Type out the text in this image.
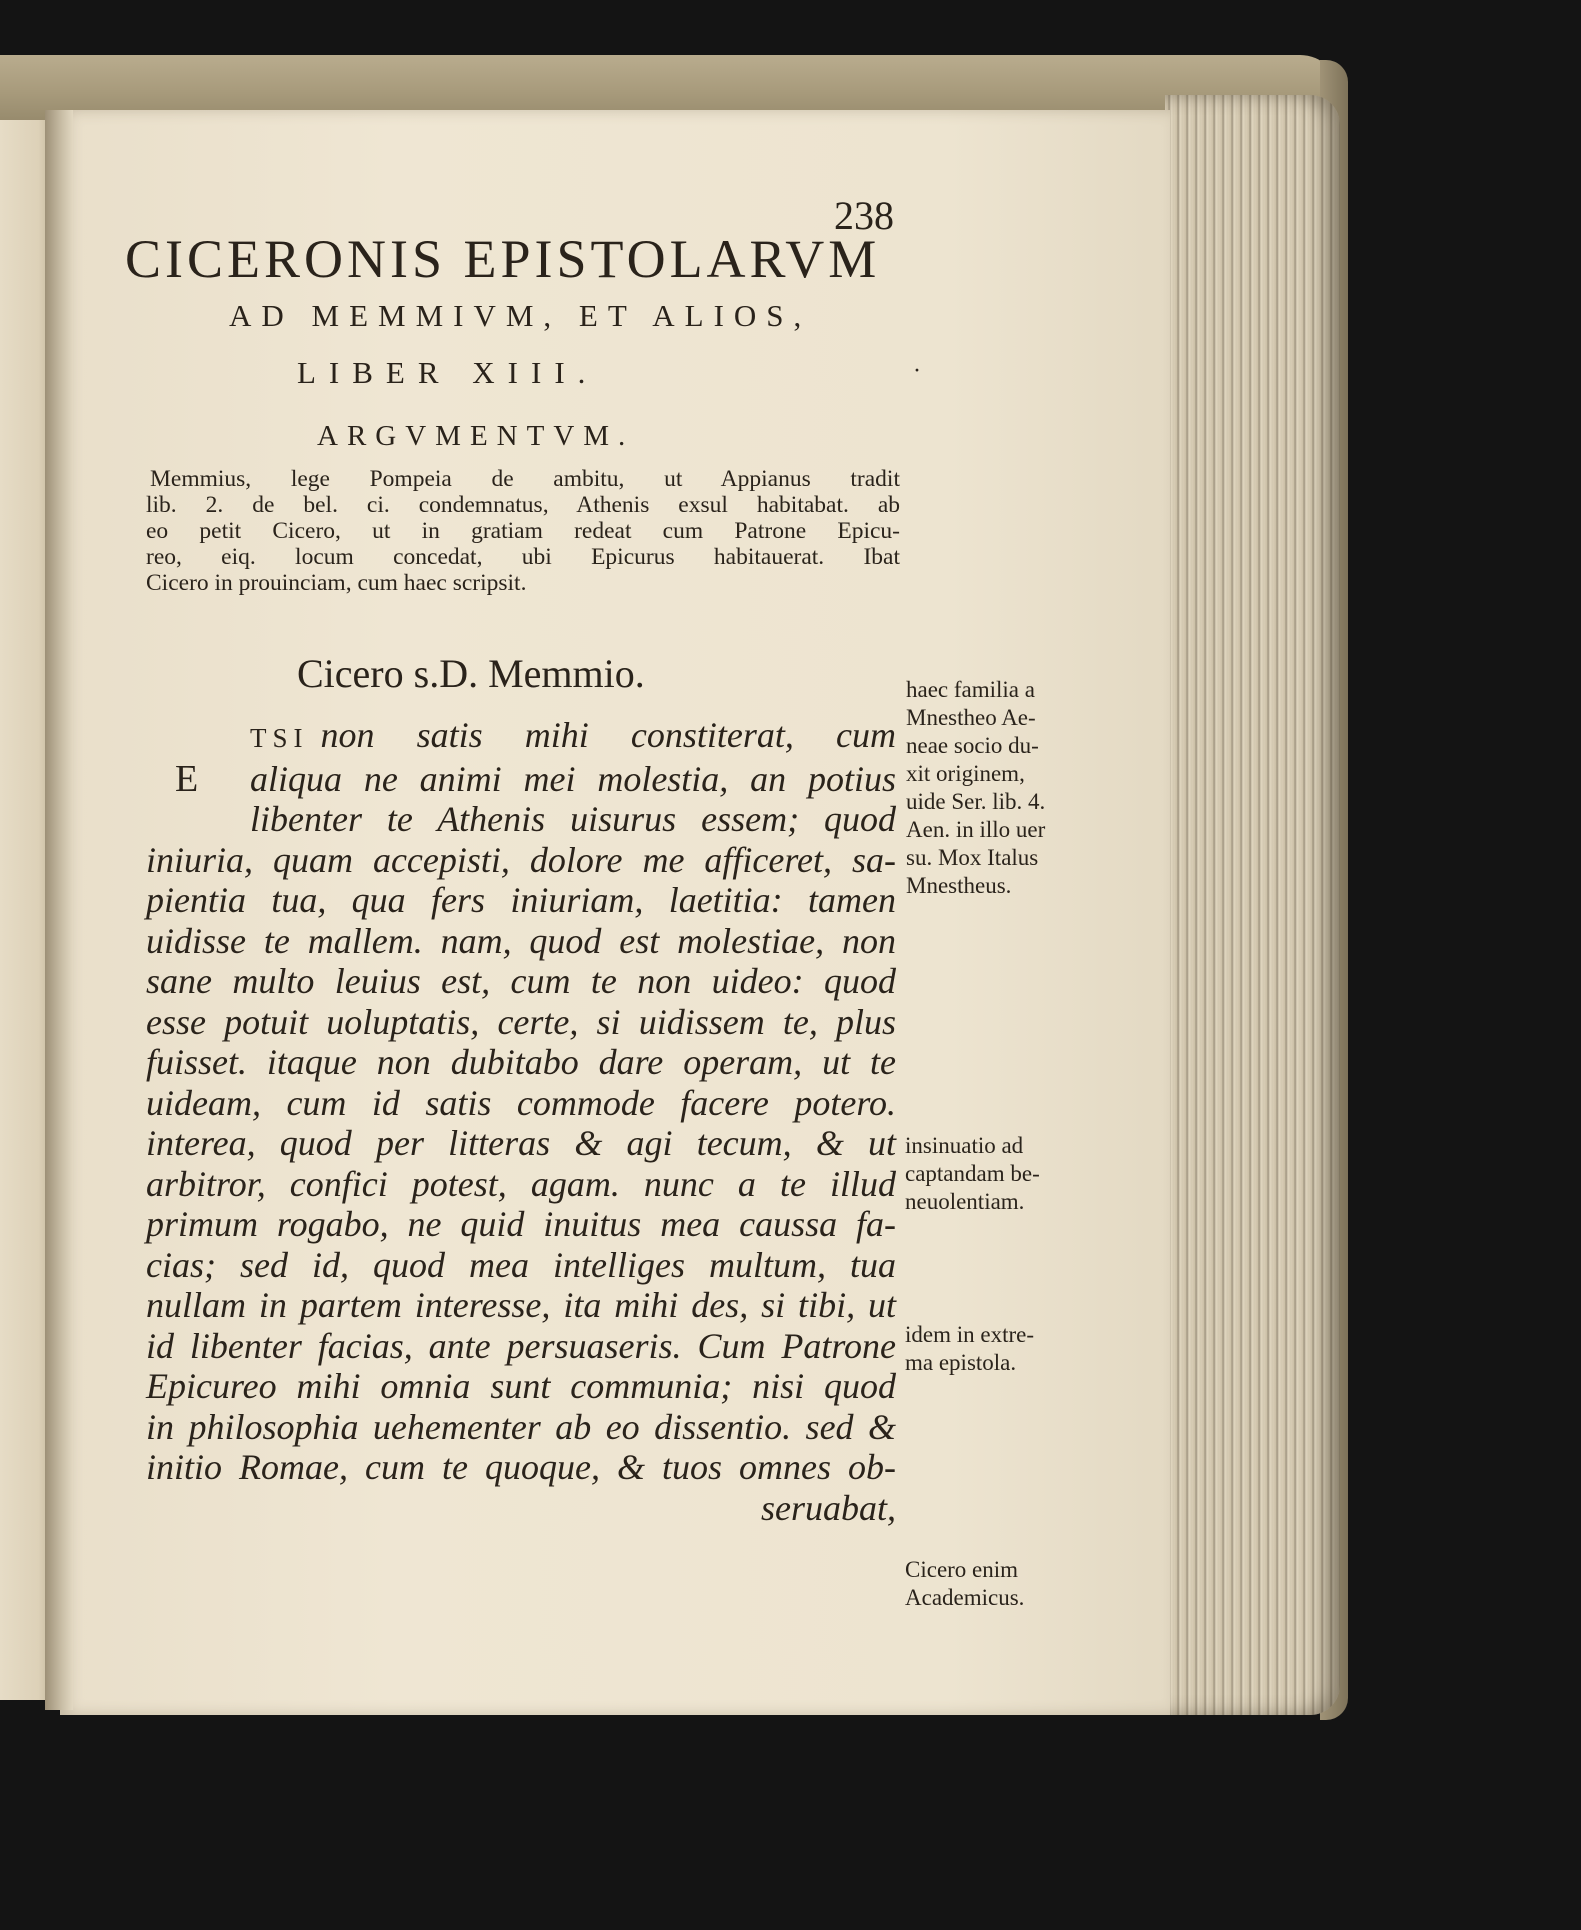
238
CICERONIS EPISTOLARVM
AD MEMMIVM, ET ALIOS,
LIBER XIII.	·
ARGVMENTVM.
Memmius, lege Pompeia de ambitu, ut Appianus tradit
lib. 2. de bel. ci. condemnatus, Athenis exsul habitabat. ab
eo petit Cicero, ut in gratiam redeat cum Patrone Epicu-
reo, eiq. locum concedat, ubi Epicurus habitauerat. Ibat
Cicero in prouinciam, cum haec scripsit.
Cicero s.D. Memmio.
E
TSI non satis mihi constiterat, cum
aliqua ne animi mei molestia, an potius
libenter te Athenis uisurus essem; quod
iniuria, quam accepisti, dolore me afficeret, sa-
pientia tua, qua fers iniuriam, laetitia: tamen
uidisse te mallem. nam, quod est molestiae, non
sane multo leuius est, cum te non uideo: quod
esse potuit uoluptatis, certe, si uidissem te, plus
fuisset. itaque non dubitabo dare operam, ut te
uideam, cum id satis commode facere potero.
interea, quod per litteras & agi tecum, & ut
arbitror, confici potest, agam. nunc a te illud
primum rogabo, ne quid inuitus mea caussa fa-
cias; sed id, quod mea intelliges multum, tua
nullam in partem interesse, ita mihi des, si tibi, ut
id libenter facias, ante persuaseris. Cum Patrone
Epicureo mihi omnia sunt communia; nisi quod
in philosophia uehementer ab eo dissentio. sed &
initio Romae, cum te quoque, & tuos omnes ob-
seruabat,
haec familia a
Mnestheo Ae-
neae socio du-
xit originem,
uide Ser. lib. 4.
Aen. in illo uer
su. Mox Italus
Mnestheus.
insinuatio ad
captandam be-
neuolentiam.
idem in extre-
ma epistola.
Cicero enim
Academicus.
